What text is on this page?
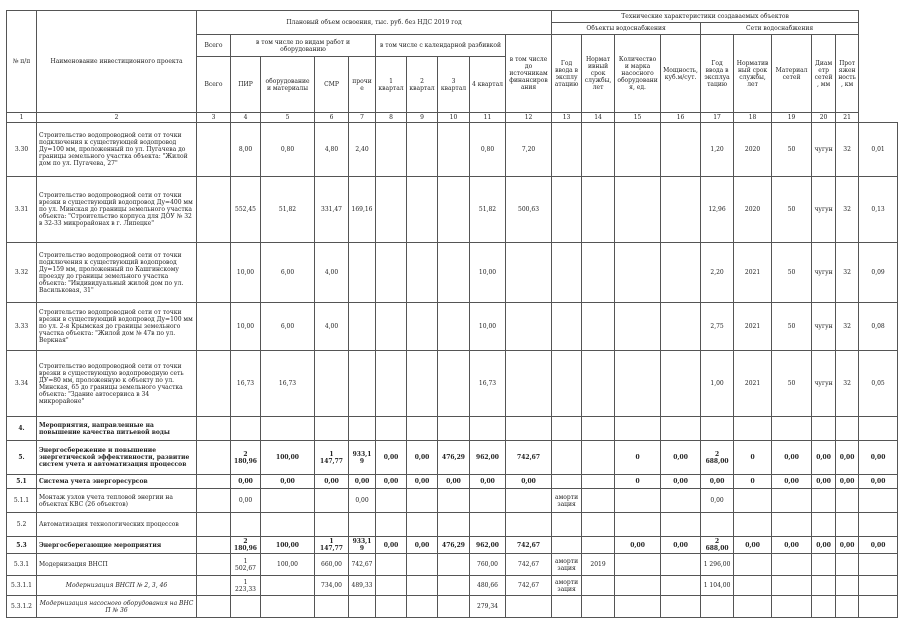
№ п/п	Наименование инвестиционного проекта	Плановый объем освоения, тыс. руб. без НДС 2019 год										Технические характеристики создаваемых объектов									
												Объекты водоснабжения				Сети водоснабжения					
		Всего	в том числе по видам работ и оборудованию				в том числе с календарной разбивкой				в том числе до источникам финансирования	Год ввода в эксплуатацию	Нормативный срок службы, лет	Количество и марка насосного оборудования, ед.	Мощность, куб.м/сут.	Год ввода в эксплуатацию	Нормативный срок службы, лет	Материал сетей	Диаметр сетей, мм	Протяженность, км	
		Всего	ПИР	оборудование и материалы	СМР	прочие	1 квартал	2 квартал	3 квартал	4 квартал											
1	2	3	4	5	6	7	8	9	10	11	12	13	14	15	16	17	18	19	20	21	
3.30	Строительство водопроводной сети от точки подключения к существующей водопровод Ду=100 мм, проложенный по ул. Пугачева до границы земельного участка объекта: "Жилой дом по ул. Пугачева, 27"		8,00	0,80	4,80	2,40				0,80	7,20					1,20	2020	50	чугун	32	0,01
3.31	Строительство водопроводной сети от точки врезки в существующий водопровод Ду=400 мм по ул. Минская до границы земельного участка объекта: "Строительство корпуса для ДОУ № 32 в 32-33 микрорайонах в г. Липецке"		552,45	51,82	331,47	169,16				51,82	500,63					12,96	2020	50	чугун	32	0,13
3.32	Строительство водопроводной сети от точки подключения к существующий водопровод Ду=159 мм, проложенный по Кашгинскому проезду до границы земельного участка объекта: "Индивидуальный жилой дом по ул. Васильковая, 31"		10,00	6,00	4,00					10,00						2,20	2021	50	чугун	32	0,09
3.33	Строительство водопроводной сети от точки врезки в существующий водопровод Ду=100 мм по ул. 2-я Крымская до границы земельного участка объекта: "Жилой дом № 47в по ул. Веркная"		10,00	6,00	4,00					10,00						2,75	2021	50	чугун	32	0,08
3.34	Строительство водопроводной сети от точки врезки в существующую водопроводную сеть ДУ=80 мм, проложенную к объекту по ул. Минская, 65 до границы земельного участка объекта: "Здание автосервиса в 34 микрорайоне"		16,73	16,73						16,73						1,00	2021	50	чугун	32	0,05
4.	Мероприятия, направленные на повышение качества питьевой воды																				
5.	Энергосбережение и повышение энергетической эффективности, развитие систем учета и автоматизация процессов		2 180,96	100,00	1 147,77	933,19	0,00	0,00	476,29	962,00	742,67			0	0,00	2 688,00	0	0,00	0,00	0,00	0,00
5.1	Система учета энергоресурсов		0,00	0,00	0,00	0,00	0,00	0,00	0,00	0,00	0,00			0	0,00	0,00	0	0,00	0,00	0,00	0,00
5.1.1	Монтаж узлов учета тепловой энергии на объектах КВС (26 объектов)		0,00			0,00						амортизация				0,00					
5.2	Автоматизация технологических процессов																				
5.3	Энергосберегающие мероприятия		2 180,96	100,00	1 147,77	933,19	0,00	0,00	476,29	962,00	742,67			0,00	0,00	2 688,00	0,00	0,00	0,00	0,00	0,00
5.3.1	Модернизация ВНСП		1 502,67	100,00	660,00	742,67				760,00	742,67	амортизация	2019			1 296,00					
5.3.1.1	Модернизация ВНСП № 2, 3, 46		1 223,33		734,00	489,33				480,66	742,67	амортизация				1 104,00					
5.3.1.2	Модернизация насосного оборудования на ВНС П № 36									279,34											
